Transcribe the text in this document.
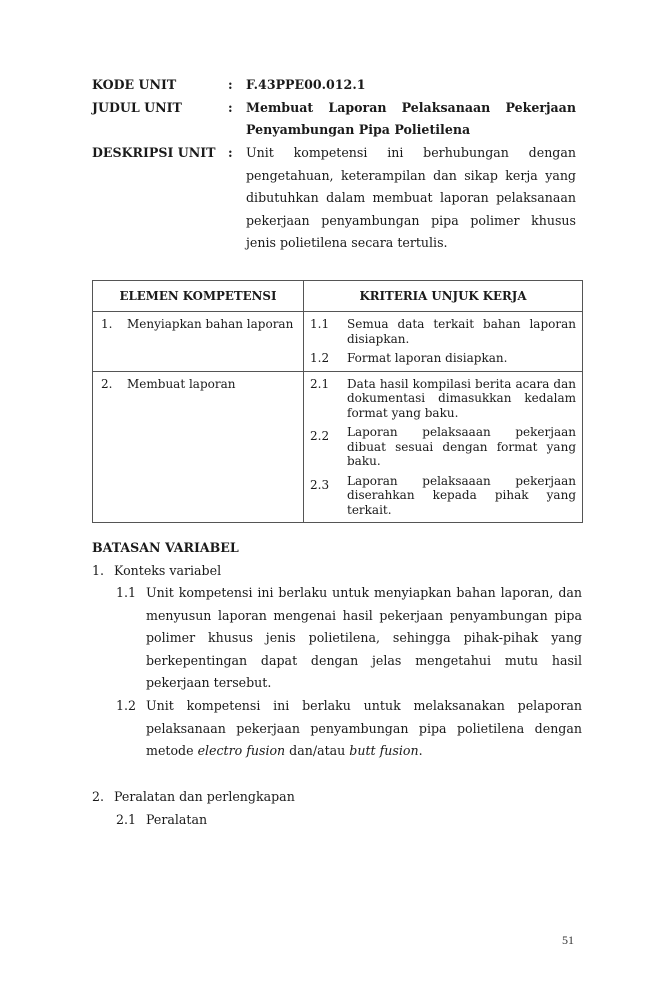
KODE UNIT	: F.43PPE00.012.1
JUDUL UNIT	: Membuat Laporan Pelaksanaan Pekerjaan
Penyambungan Pipa Polietilena
DESKRIPSI UNIT : Unit kompetensi ini berhubungan dengan
pengetahuan, keterampilan dan sikap kerja yang
dibutuhkan dalam membuat laporan pelaksanaan
pekerjaan penyambungan pipa polimer khusus
jenis polietilena secara tertulis.
ELEMEN KOMPETENSI	KRITERIA UNJUK KERJA

1.	Menyiapkan bahan laporan	1.1	Semua data terkait bahan laporan disiapkan.
1.2	Format laporan disiapkan.

2.	Membuat laporan	2.1	Data hasil kompilasi berita acara dan dokumentasi dimasukkan kedalam format yang baku.
2.2	Laporan pelaksaaan pekerjaan dibuat sesuai dengan format yang baku.
2.3	Laporan pelaksaaan pekerjaan diserahkan kepada pihak yang terkait.
BATASAN VARIABEL
1. Konteks variabel
1.1 Unit kompetensi ini berlaku untuk menyiapkan bahan laporan, dan
menyusun laporan mengenai hasil pekerjaan penyambungan pipa
polimer khusus jenis polietilena, sehingga pihak-pihak yang
berkepentingan dapat dengan jelas mengetahui mutu hasil
pekerjaan tersebut.
1.2 Unit kompetensi ini berlaku untuk melaksanakan pelaporan
pelaksanaan pekerjaan penyambungan pipa polietilena dengan
metode electro fusion dan/atau butt fusion.
2. Peralatan dan perlengkapan
2.1 Peralatan
51
